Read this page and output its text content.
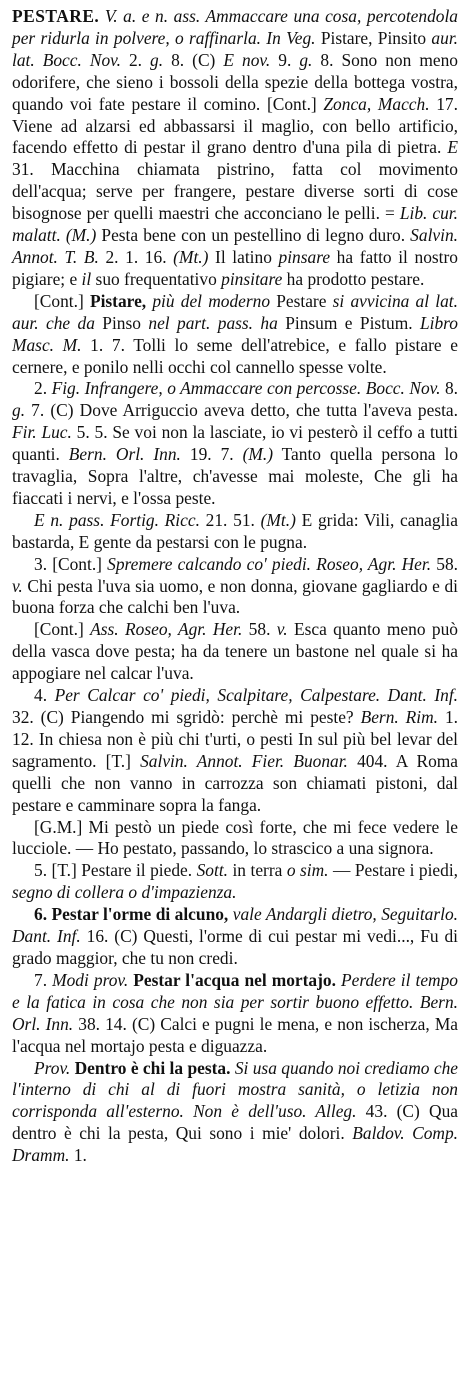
PESTARE. V. a. e n. ass. Ammaccare una cosa, percotendola per ridurla in polvere, o raffinarla. In Veg. Pistare, Pinsito aur. lat. Bocc. Nov. 2. g. 8. (C) E nov. 9. g. 8. Sono non meno odorifere, che sieno i bossoli della spezie della bottega vostra, quando voi fate pestare il comino. [Cont.] Zonca, Macch. 17. Viene ad alzarsi ed abbassarsi il maglio, con bello artificio, facendo effetto di pestar il grano dentro d'una pila di pietra. E 31. Macchina chiamata pistrino, fatta col movimento dell'acqua; serve per frangere, pestare diverse sorti di cose bisognose per quelli maestri che acconciano le pelli. = Lib. cur. malatt. (M.) Pesta bene con un pestellino di legno duro. Salvin. Annot. T. B. 2. 1. 16. (Mt.) Il latino pinsare ha fatto il nostro pigiare; e il suo frequentativo pinsitare ha prodotto pestare.

[Cont.] Pistare, più del moderno Pestare si avvicina al lat. aur. che da Pinso nel part. pass. ha Pinsum e Pistum. Libro Masc. M. 1. 7. Tolli lo seme dell'atrebice, e fallo pistare e cernere, e ponilo nelli occhi col cannello spesse volte.

2. Fig. Infrangere, o Ammaccare con percosse. Bocc. Nov. 8. g. 7. (C) Dove Arriguccio aveva detto, che tutta l'aveva pesta. Fir. Luc. 5. 5. Se voi non la lasciate, io vi pesterò il ceffo a tutti quanti. Bern. Orl. Inn. 19. 7. (M.) Tanto quella persona lo travaglia, Sopra l'altre, ch'avesse mai moleste, Che gli ha fiaccati i nervi, e l'ossa peste.

E n. pass. Fortig. Ricc. 21. 51. (Mt.) E grida: Vili, canaglia bastarda, E gente da pestarsi con le pugna.

3. [Cont.] Spremere calcando co' piedi. Roseo, Agr. Her. 58. v. Chi pesta l'uva sia uomo, e non donna, giovane gagliardo e di buona forza che calchi ben l'uva.

[Cont.] Ass. Roseo, Agr. Her. 58. v. Esca quanto meno può della vasca dove pesta; ha da tenere un bastone nel quale si ha appogiare nel calcar l'uva.

4. Per Calcar co' piedi, Scalpitare, Calpestare. Dant. Inf. 32. (C) Piangendo mi sgridò: perchè mi peste? Bern. Rim. 1. 12. In chiesa non è più chi t'urti, o pesti In sul più bel levar del sagramento. [T.] Salvin. Annot. Fier. Buonar. 404. A Roma quelli che non vanno in carrozza son chiamati pistoni, dal pestare e camminare sopra la fanga.

[G.M.] Mi pestò un piede così forte, che mi fece vedere le lucciole. — Ho pestato, passando, lo strascico a una signora.

5. [T.] Pestare il piede. Sott. in terra o sim. — Pestare i piedi, segno di collera o d'impazienza.

6. Pestar l'orme di alcuno, vale Andargli dietro, Seguitarlo. Dant. Inf. 16. (C) Questi, l'orme di cui pestar mi vedi..., Fu di grado maggior, che tu non credi.

7. Modi prov. Pestar l'acqua nel mortajo. Perdere il tempo e la fatica in cosa che non sia per sortir buono effetto. Bern. Orl. Inn. 38. 14. (C) Calci e pugni le mena, e non ischerza, Ma l'acqua nel mortajo pesta e diguazza.

Prov. Dentro è chi la pesta. Si usa quando noi crediamo che l'interno di chi al di fuori mostra sanità, o letizia non corrisponda all'esterno. Non è dell'uso. Alleg. 43. (C) Qua dentro è chi la pesta, Qui sono i mie' dolori. Baldov. Comp. Dramm. 1.
